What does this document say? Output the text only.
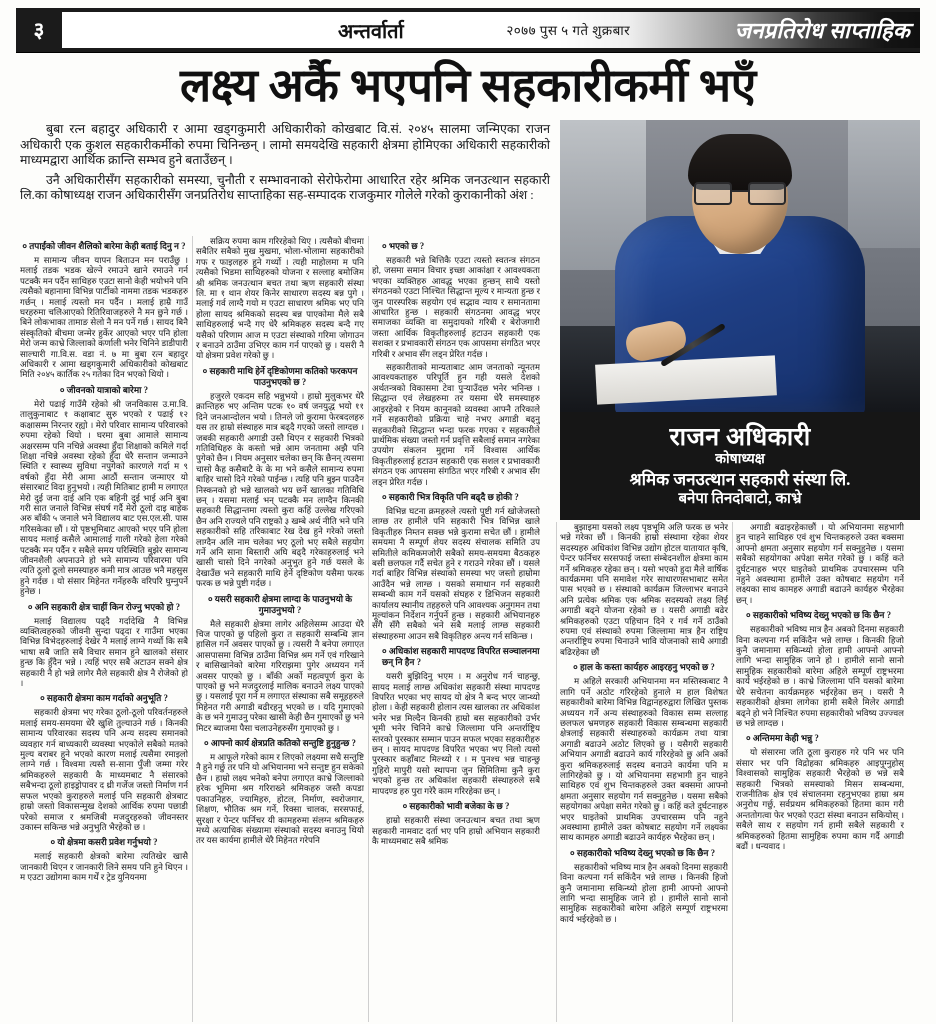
३	अन्तर्वार्ता	२०७७ पुस ५ गते शुक्रबार	जनप्रतिरोध साप्ताहिक
लक्ष्य अर्कै भएपनि सहकारीकर्मी भएँ

बुबा रत्न बहादुर अधिकारी र आमा खड्गकुमारी अधिकारीको कोखबाट वि.सं. २०४५ सालमा जन्मिएका राजन अधिकारी एक कुशल सहकारीकर्मीको रुपमा चिनिन्छन् । लामो समयदेखि सहकारी क्षेत्रमा होमिएका अधिकारी सहकारीको माध्यमद्वारा आर्थिक क्रान्ति सम्भव हुने बताउँछन् ।

उनै अधिकारीसँग सहकारीको समस्या, चुनौती र सम्भावनाको सेरोफेरोमा आधारित रहेर श्रमिक जनउत्थान सहकारी लि.का कोषाध्यक्ष राजन अधिकारीसँग जनप्रतिरोध साप्ताहिका सह-सम्पादक राजकुमार गोलेले गरेको कुराकानीको अंश :

राजन अधिकारी
कोषाध्यक्ष
श्रमिक जनउत्थान सहकारी संस्था लि.
बनेपा तिनदोबाटो, काभ्रे

० तपाईंको जीवन शैलिको बारेमा केही बताई दिनु न ?

म सामान्य जीवन यापन बिताउन मन पराउँछु । मलाई तडक भडक खेल्ने रमाउने खाने रमाउने गर्न पटक्कै मन पर्दैन साथिहरु एउटा सानो केही भयोभने पनि त्यसैको बहानामा विभिन्न पार्टीको नाममा तडक भडकहरु गर्छन् । मलाई त्यस्तो मन पर्दैन । मलाई हाम्रै गाउँ घरहरुमा चलिआएको रितिरिवाजहरुले नै मन छुने गर्छ । बिने लोकभाका तामाङ सेलो नै मन पर्ने गर्छ । सायद बिनै संस्कृतिको बीचमा जन्मेर हुर्केर आएको भएर पनि होला मेरो जन्म काभ्रे जिल्लाको कर्णाली भनेर चिनिने डाडीपारी साल्घारी गा.वि.स. वडा नं. ७ मा बुबा रत्न बहादुर अधिकारी र आमा खड्गकुमारी अधिकारीको कोखबाट मिति २०४५ कार्तिक २५ गतेका दिन भएको थियो ।

० जीवनको यात्राको बारेमा ?

मेरो पढाई गाउँमै रहेको श्री जनविकास उ.मा.वि. तालुकुनाबाट १ कक्षाबाट सुरु भएको र पढाई १२ कक्षासम्म निरन्तर रह्यो । मेरो परिवार सामान्य परिवारको रुपमा रहेको थियो । घरमा बुबा आमाले सामान्य अक्षरसम्म पनि नचिन्ने अवस्था हुँदा शिक्षाको कमिले गर्दा शिक्षा नचिन्ने अवस्था रहेको हुँदा धेरै सन्तान जन्माउने स्थिति र स्वास्थ्य सुविधा नपुगेको कारणले गर्दा म ९ वर्षको हुँदा मेरी आमा आठौं सन्तान जन्माएर यो संसारबाट विदा हुनुभयो । त्यही मितिबाट हामी म लगाएत मेरो दुई जना दाई अनि एक बहिनी दुई भाई अनि बुबा गरी सात जनाले विभिन्न संघर्ष गर्दै मेरो ठूलो दाइ बाहेक अरु बाँकी ५ जनाले भने विद्यालय बाट एस.एल.सी. पास गरिसकेका छौं । यो पृष्ठभूमिबाट आएको भएर पनि होला सायद मलाई कसैले आमालाई गाली गरेको हेला गरेको पटक्कै मन पर्दैन र सबैले समय परिस्थिति बुझेर सामान्य जीवनशैली अपनाउने हो भने सामान्य परिवारमा पनि त्यति ठूलो ठूलो समस्याहरु कमी मात्र आउछ भनै महसुस हुने गर्दछ । यो संसार मिहेनत गर्नेहरुकै वरिपरि घुम्नुपर्ने हुनेछ ।

० अनि सहकारी क्षेत्र चाहीं किन रोज्नु भएको हो ?

मलाई विद्यालय पढ्दै गर्दादेखि नै विभिन्न व्यक्तित्वहरुको जीवनी सुन्दा पढ्दा र गाउँमा भएका विभिन्न विभेदहरुलाई देखेर नै मलाई लाग्ने गर्थ्यो कि सबै भाषा सबै जाति सबै विचार समान हुने खालको संसार हुन्छ कि हुँदैन भन्ने । त्यहिं भएर सबै अटाउन सक्ने क्षेत्र सहकारी नै हो भन्ने लागेर मैले सहकारी क्षेत्र नै रोजेको हो ।

० सहकारी क्षेत्रमा काम गर्दाको अनुभूति ?

सहकारी क्षेत्रमा भए गरेका ठूलो-ठूलो परिवर्तनहरुले मलाई समय-समयमा धेरै खुशि तुल्याउने गर्छ । किनकी सामान्य परिवारका सदस्य पनि अन्य सदस्य समानको व्यवहार गर्न बाध्यकारी व्यवस्था भएकोले सबैको मतको मुल्य बराबर हुने भएको कारण मलाई त्यसैमा रमाइलो लाग्ने गर्छ । विश्वमा त्यस्तै स-साना पुँजी जम्मा गरेर श्रमिकहरुले सहकारी कै माध्यमबाट नै संसारको सबैभन्दा ठूलो हाइड्रोपावर द थ्री गर्जेज जस्तो निर्माण गर्न सफल भएको कुराहरुले मलाई पनि सहकारी क्षेत्रबाट हाम्रो जस्तो विकासन्मुख देशको आर्थिक रुपमा पछाडी परेको समाज र श्रमजिबी मजदुरहरुको जीवनस्तर उकास्न सकिन्छ भन्ने अनुभुति भैरहेको छ ।

० यो क्षेत्रमा कसरी प्रवेश गर्नुभयो ?

मलाई सहकारी क्षेत्रको बारेमा त्यतिखेर खासै जानकारी थिएन र जानकारी लिने समय पनि हुने थिएन । म एउटा उद्योगमा काम गर्थें र ट्रेड युनियनमा

सक्रिय रुपमा काम गरिरहेको थिए । त्यसैको बीचमा सबैतिर सबैको मुख मुखमा, भोला-भोलामा सहकारीको गफ र फाइलहरु हुने गर्थ्यो । त्यही माहोलमा म पनि त्यसैको भिडमा साथिहरुको योजना र सल्लाह बमोजिम श्री श्रमिक जनउत्थान बचत तथा ऋण सहकारी संस्था लि. मा १ थान शेयर किनेर साधारण सदस्य बन्न पुगे । मलाई गर्व लाग्दै गयो म एउटा साधारण श्रमिक भए पनि होला सायद श्रमिकको सदस्य बन्न पाएकोमा मैले सबै साथिहरुलाई भन्दै गए धेरै श्रमिकहरु सदस्य बन्दै गए यसैको परिणाम आज म एउटा संस्थाको गरिमा जोगाउन र बनाउने ठाउँमा उभिएर काम गर्न पाएको छु । यसरी नै यो क्षेत्रमा प्रवेश गरेको छु ।

० सहकारी माथि हेर्ने दृष्टिकोणमा कतिको फरकपन पाउनुभएको छ ?

हजुरले एकदम सहि भन्नुभयो । हाम्रो मुलुकभर धेरै क्रान्तिहरु भए अन्तिम पटक १० वर्ष जनयुद्ध भयो ११ दिने जनआन्दोलन भयो । तिनले जो कुरामा फेरबदलहरु यस तर हाम्रो संस्थाहरु मात्र बढ्दै गएको जस्तो लाग्दछ । जबकी सहकारी अगाडी उस्तै थिएन र सहकारी भित्रको गतिविधिहरु के कस्तो भन्ने आम जनतामा अझै पनि पुगेको छैन । नियम अनुसार चलेका छन् कि छैनन् त्यसमा चासो कैह कसैबाटै के के मा भने कसैले सामान्य रुपमा बाहिर चासो दिने गरेको पाईन्छ । त्यहि पनि बुझ्न पाउदैन निस्कनको हो भन्ने खालको भय छर्ने खालका गतिविधि छन् । यसमा मलाई भन् पटक्कै मन लाग्दैन किनकी सहकारी सिद्धान्तमा त्यस्तो कुरा कहिं उल्लेख गरिएको छैन अनि राज्यले पनि राष्ट्रको ३ खम्बे अर्थ नीति भने पनि सहकारीको सहि तरिकाबाट रेख देख हुने गरेको जस्तो लाग्दैन अलि नाम चलेका भए ठूलो भए सबैले सहयोग गर्ने अनि साना बिस्तारी अघि बढ्दै गरेकाहरुलाई भने खासी चासो दिने नगरेको अनुभुत हुने गर्छ यसले के देखाउँछ भने सहकारी माथि हेर्ने दृष्टिकोण यसैमा फरक फरक छ भन्ने पुष्टी गर्दछ ।

० यसरी सहकारी क्षेत्रमा लाग्दा के पाउनुभयो के गुमाउनुभयो ?

मैले सहकारी क्षेत्रमा लागेर अहिलेसम्म आउदा धेरै चिज पाएको छु पहिलो कुरा त सहकारी सम्बन्धि ज्ञान हासिल गर्ने अवसर पाएको छु । त्यसरी नै बनेपा लगाएत आसपासमा विभिन्न ठाउँमा विभिन्न श्रम गर्ने एवं गरिखाने र बासिखानेको बारेमा गरिराझमा पुगेर अध्ययन गर्ने अवसर पाएको छु । बाँकी अर्को महत्वपूर्ण कुरा के पाएको छु भने मजदुरलाई मालिक बनाउने लक्ष्य पाएको छु । यसलाई पूरा गर्न म लगाएत संस्थाका सबै समूहहरुले मिहेनत गरी अगाडी बढीरहनु भएको छ । यदि गुमाएको के छ भने गुमाउनु परेका खासी केही छैन गुमाएको छु भने मिटर ब्याजमा पैसा चलाउनेहरुसँग गुमाएको छु ।

० आफ्नो कार्य क्षेत्रप्रति कतिको सन्तुष्टि हुनुहुन्छ ?

म आफूले गरेको काम र लिएको लक्ष्यमा सधै सन्तुष्टि नै हुने गर्छु तर पनि यो अभियानमा भने सन्तुष्ट हुन सकेको छैन । हाम्रो लक्ष्य भनेको बनेपा लगाएत काभ्रे जिल्लाको हरेक भूमिमा श्रम गरिराख्ने श्रमिकहरु जस्तै कपडा पकाउनिहरु, ज्यामिहरु, होटल, निर्माण, स्वरोजगार, शिक्षण, भौतिक श्रम गर्ने, रिक्सा चालक, सरसफाई, सुरक्षा र पेन्टर फर्निचर यी कामहरुमा संलग्न श्रमिकहरु मध्ये अत्याधिक संख्यामा संस्थाको सदस्य बनाउनु थियो तर यस कार्यमा हामीले धेरै मिहेनत गरेपनि

० भएको छ ?

सहकारी भन्ने बित्तिकै एउटा त्यस्तो स्वतन्त्र संगठन हो, जसमा समान विचार इच्छा आकांक्षा र आवश्यकता भएका व्यक्तिहरु आवद्ध भएका हुन्छन् साथै यस्तो संगठनको एउटा निश्चित सिद्धान्त मूल्य र मान्यता हुन्छ र जुन पारस्परिक सहयोग एवं सद्भाव न्याय र समानतामा आधारित हुन्छ । सहकारी संगठनमा आवद्ध भएर समाजका व्यक्ति वा समुदायको गरिबी र बेरोजगारी जस्ता आर्थिक विकृतीहरुलाई हटाउन सहकारी एक सशक्त र प्रभावकारी संगठन एक आपसमा संगठित भएर गरिबी र अभाव सँग लड्न प्रेरित गर्दछ ।

सहकारीताको मान्यताबाट आम जनताको न्यूनतम आवश्यकताहरु परिपूर्ति हुन गही यसले देशको अर्थतन्त्रको विकासमा टेवा पुऱ्याउँदछ भनेर भनिन्छ । सिद्धान्त एवं लेखहरुमा तर यसमा धेरै समस्याहरु आइरहेको र नियम कानूनको व्यवस्था आफ्नै तरिकाले गर्ने सहकारीको प्रक्रिया चाहे नभए अगाडी बढ्नु सहकारीको सिद्धान्त भन्दा फरक गएका र सहकारीले प्रार्थमिक संख्या जस्तो गर्न प्रवृत्ति सबैलाई समान नगरेका उपयोग संकलन मुद्दामा गर्ने विश्वास आर्थिक विकृतीहरुलाई हटाउन सहकारी एक सशल र प्रभावकारी संगठन एक आपसमा संगठित भएर गरिबी र अभाव सँग लड्न प्रेरित गर्दछ ।

० सहकारी भित्र विकृति पनि बढ्दै छ होकी ?

विभिन्न घटना क्रमहरुले त्यस्तो पुष्टी गर्न खोजेजस्तो लाग्छ तर हामीले पनि सहकारी भित्र विभिन्न खाले विकृतीहरु निम्तन सक्छ भन्ने कुरामा सचेत छौं । हामीले समयमा नै सम्पूर्ण शेयर सदस्य संचालक समिति उप समितीले कमिकमजोरी सबैको समय-समयमा बैठकहरु बसी छलफल गर्दै सचेत हुने र गराउने गरेका छौं । यसले गर्दा बाहिर विभिन्न संस्थाको समस्या भए जस्तो हाम्रोमा आउँदैन भन्ने लाग्छ । यसको समाधान गर्न सहकारी सम्बन्धी काम गर्ने यसको संघहरु र डिभिजन सहकारी कार्यालय स्थानीय तहहरुले पनि आवश्यक अनुगमन तथा मूल्यांकन निर्देशन गर्नुपर्ने हुन्छ । सहकारी अभियानहरु सँगै सँगै सबैको भने सबै मलाई लाग्छ सहकारी संस्थाहरुमा आउन सबै विकृतिहरु अन्त्य गर्न सकिन्छ ।

० अधिकांश सहकारी मापदण्ड विपरित सञ्चालनमा छन् नि हैन ?

यसरी बुझिदिनु भएम । म अनुरोध गर्न चाहन्छु, सायद मलाई लाग्छ अधिकांश सहकारी संस्था मापदण्ड विपरित भएका भए सायद यो क्षेत्र नै बन्द भएर जान्थ्यो होला । केही सहकारी होलान त्यस खालका तर अधिकांश भनेर भन्न मिल्दैन किनकी हाम्रो बस सहकारीको उर्भर भूमी भनेर चिनिने काभ्रे जिल्लामा पनि अन्तर्राष्ट्रिय स्तरको पुरस्कार सम्मान पाउन सफल भएका सहकारीहरु छन् । सायद मापदण्ड विपरित भएका भए निलो त्यसो पुरस्कार कहाँबाट मिल्थ्यो र । म पुनश्च भन्न चाहन्छु गुहिरो मापुरी यसो स्थापना जुन सिमितिमा कुनै कुरा भएको हुन्छ तर अधिकांश सहकारी संस्थाहरुले सबै मापदण्ड हरु पुरा गरेरै काम गरिरहेका छन् ।

० सहकारीको भावी बजेका के छ ?

हाम्रो सहकारी संस्था जनउत्थान बचत तथा ऋण सहकारी नामवाट दर्ता भए पनि हाम्रो अभियान सहकारी कै माध्यमबाट सबै श्रमिक

बुझाइमा यसको लक्ष्य पृष्ठभूमि अलि फरक छ भनेर भन्ने गरेका छौं । किनकी हाम्रो संस्थामा रहेका शेयर सदस्यहरु अधिकांश विभिन्न उद्योग होटल यातायात कृषि, पेन्टर फर्निचर सरसफाई जस्ता संम्बेदनशील क्षेत्रमा काम गर्ने श्रमिकहरु रहेका छन् । यसो भएको हुदा मैले वार्षिक कार्यक्रममा पनि समावेश गरेर साधारणसभाबाट समेत पास भएको छ । संस्थाको कार्यक्रम जिल्लाभर बनाउने अनि प्रत्येक श्रमिक एक श्रमिक सदस्यको लक्ष्य लिई अगाडी बढ्ने योजना रहेको छ । यसरी अगाडी बढेर श्रमिकहरुको एउटा पहिचान दिने र गर्व गर्ने ठाउँको रुपमा एवं संस्थाको रुपमा जिल्लामा मात्र हैन राष्ट्रिय अन्तर्राष्ट्रिय रुपमा चिनाउने भावि योजनाको साथै अगाडी बढिरहेका छौं

० हाल के कस्ता कार्यहरु आइरहनु भएको छ ?

म अहिले सरकारी अभियानमा मन मस्तिस्कबाट नै लागि पर्ने अठोट गरिरहेको हुनाले म हाल विशेषत सहकारीको बारेमा विभिन्न विद्वानहरुद्वारा लिखित पुस्तक अध्ययन गर्ने अन्य संस्थाहरुको विकास सम्म सल्लाह छलफल भ्रमणहरु सहकारी विकास सम्बन्धमा सहकारी क्षेत्रलाई सहकारी संस्थाहरुको कार्यक्रम तथा यात्रा अगाडी बढाउने अठोट लिएको छु । यसैगरी सहकारी अभियान अगाडी बढाउने कार्य गरिरहेको छु अनि अर्को कुरा श्रमिकहरुलाई सदस्य बनाउने कार्यमा पनि म लागिरहेको छु । यो अभियानमा सहभागी हुन चाहने साथिहरु एवं शुभ चिन्तकहरुले उक्त बक्समा आफ्नो क्षमता अनुसार सहयोग गर्न सक्नुहुनेछ । यसमा सबैको सहयोगका अपेक्षा समेत गरेको छु । कहिं कते दुर्घटनाहरु भएर घाइतेको प्राथमिक उपचारसम्म पनि नहुने अवस्थामा हामीले उक्त कोषबाट सहयोग गर्ने लक्ष्यका साथ कामहरु अगाडी बढाउने कार्यहरु भैरहेका छन् ।

० सहकारीको भविष्य देख्नु भएको छ कि छैन ?

सहकारीको भविष्य मात्र हैन अबको दिनमा सहकारी विना कल्पना गर्न सकिंदैन भन्ने लाग्छ । किनकी हिजो कुनै जमानामा सकिन्थ्यो होला हामी आफ्नो आफ्नो लागि भन्दा सामुहिक जाने हो । हामीले सानो सानो सामुहिक सहकारीको बारेमा अहिले सम्पूर्ण राष्ट्रभरमा कार्य भईरहेको छ ।

अगाडी बढाइरहेकाछौं । यो अभियानमा सहभागी हुन चाहने साथिहरु एवं शुभ चिन्तकहरुले उक्त बक्समा आफ्नो क्षमता अनुसार सहयोग गर्न सक्नुहुनेछ । यसमा सबैको सहयोगका अपेक्षा समेत गरेको छु । कहिं कते दुर्घटनाहरु भएर घाइतेको प्राथमिक उपचारसम्म पनि नहुने अवस्थामा हामीले उक्त कोषबाट सहयोग गर्ने लक्ष्यका साथ कामहरु अगाडी बढाउने कार्यहरु भैरहेका छन् ।

० सहकारीको भविष्य देख्नु भएको छ कि छैन ?

सहकारीको भविष्य मात्र हैन अबको दिनमा सहकारी विना कल्पना गर्न सकिंदैन भन्ने लाग्छ । किनकी हिजो कुनै जमानामा सकिन्थ्यो होला हामी आफ्नो आफ्नो लागि भन्दा सामुहिक जाने हो । हामीले सानो सानो सामुहिक सहकारीको बारेमा अहिले सम्पूर्ण राष्ट्रभरमा कार्य भईरहेको छ । काभ्रे जिल्लामा पनि यसको बारेमा धेरै सचेतना कार्यक्रमहरु भईरहेका छन् । यसरी नै सहकारीको क्षेत्रमा लागेका हामी सबैले मिलेर अगाडी बढ्ने हो भने निश्चित रुपमा सहकारीको भविष्य उज्ज्वल छ भन्ने लाग्दछ ।

० अन्तिममा केही भन्नु ?

यो संसारमा जति ठूला कुराहरु गरे पनि भर पनि संसार भर पनि विद्रोहका श्रमिकहरु आइपुग्नुहोस् विश्वासको सामुहिक सहकारी भैरहेको छ भन्ने सबै सहकारी भित्रको समस्याको मिसन सम्बन्धमा, राजनीतिक क्षेत्र एवं संचालनमा रहनुभएका हाम्रा श्रम अनुरोध गर्छु, सर्वप्रथम श्रमिकहरुको हितमा काम गरी अन्ततोगत्वा फेर भएको एउटा संस्था बनाउन सकियोस् । सबैले साथ र सहयोग गर्न हामी सबैले सहकारी र श्रमिकहरुको हितमा सामुहिक रुपमा काम गर्दै अगाडी बढौं । धन्यवाद ।
